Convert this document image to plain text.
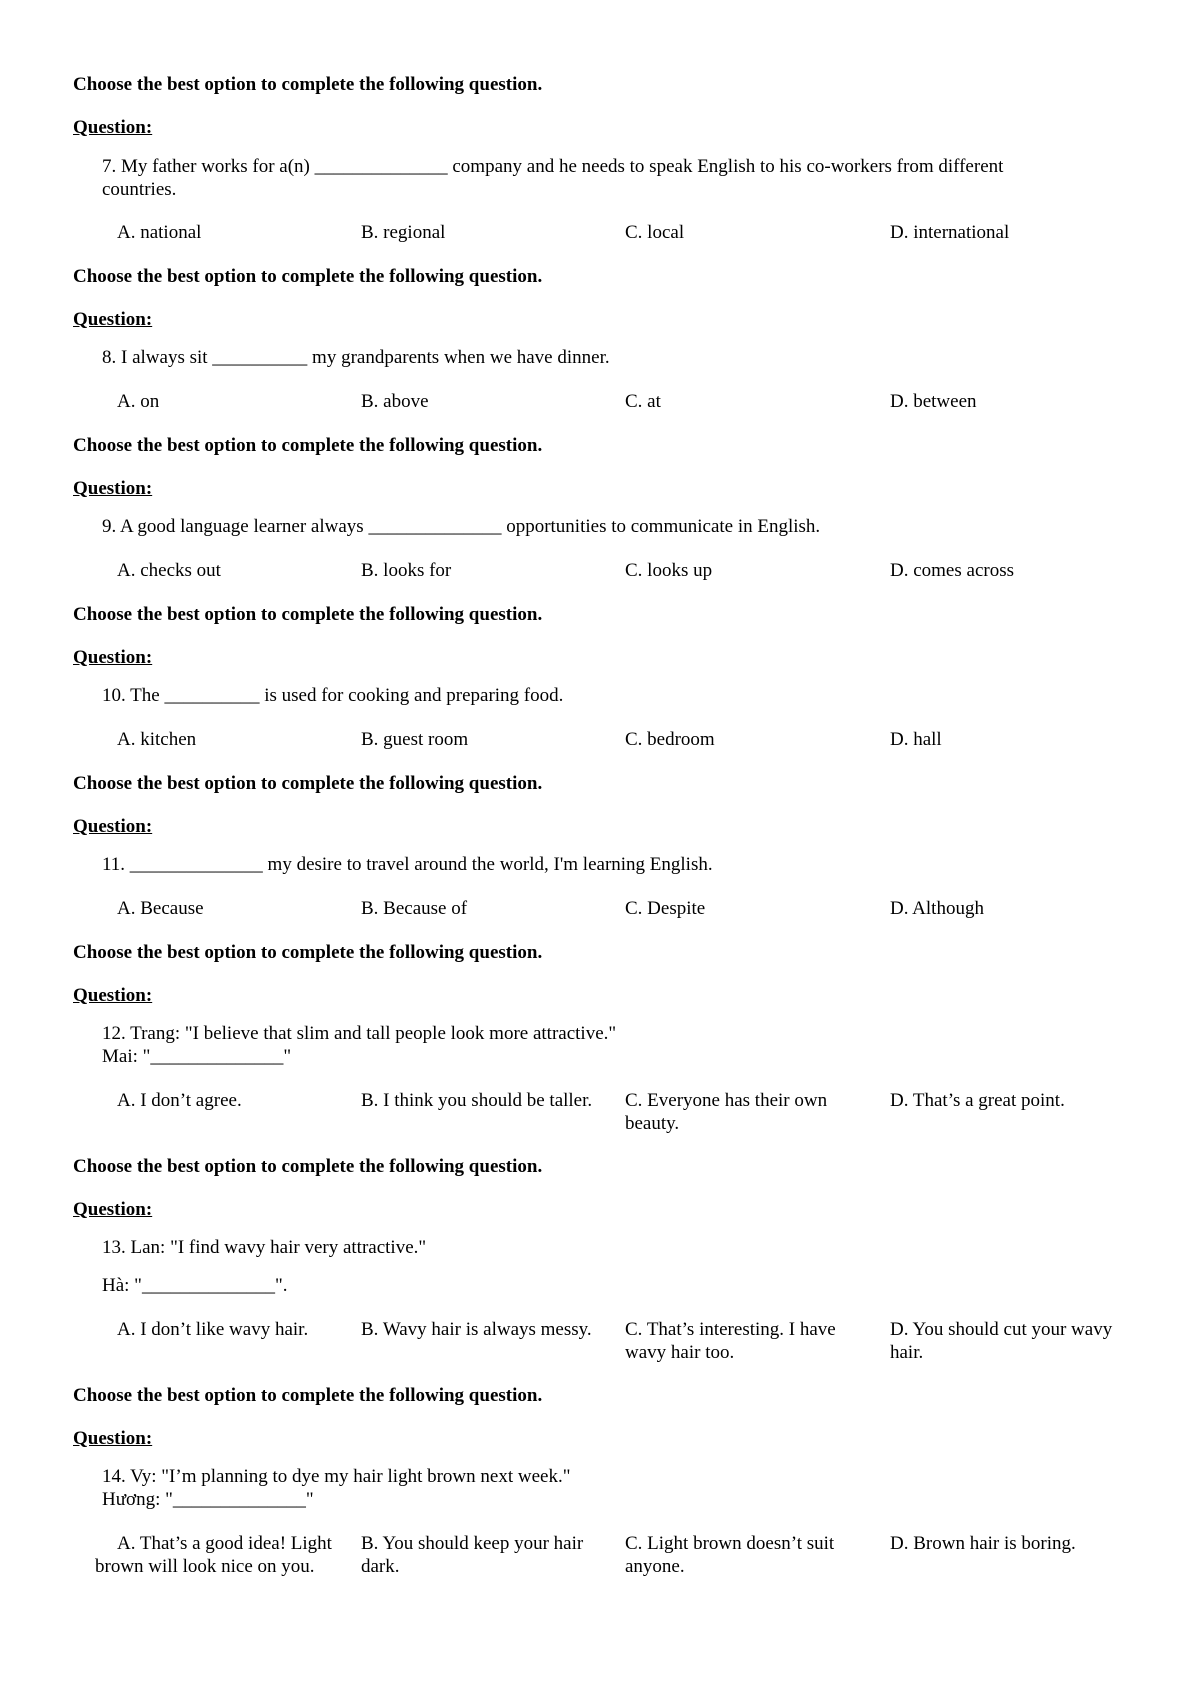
Choose the best option to complete the following question.
Question:
7. My father works for a(n) ______________ company and he needs to speak English to his co-workers from different
countries.
A. national	B. regional	C. local	D. international
Choose the best option to complete the following question.
Question:
8. I always sit __________ my grandparents when we have dinner.
A. on	B. above	C. at	D. between
Choose the best option to complete the following question.
Question:
9. A good language learner always ______________ opportunities to communicate in English.
A. checks out	B. looks for	C. looks up	D. comes across
Choose the best option to complete the following question.
Question:
10. The __________ is used for cooking and preparing food.
A. kitchen	B. guest room	C. bedroom	D. hall
Choose the best option to complete the following question.
Question:
11. ______________ my desire to travel around the world, I'm learning English.
A. Because	B. Because of	C. Despite	D. Although
Choose the best option to complete the following question.
Question:
12. Trang: "I believe that slim and tall people look more attractive."
Mai: "______________"
A. I don’t agree.	B. I think you should be taller.	C. Everyone has their own beauty.
D. That’s a great point.
Choose the best option to complete the following question.
Question:
13. Lan: "I find wavy hair very attractive."
Hà: "______________".
A. I don’t like wavy hair.	B. Wavy hair is always messy.	C. That’s interesting. I have wavy hair too.
D. You should cut your wavy hair.
Choose the best option to complete the following question.
Question:
14. Vy: "I’m planning to dye my hair light brown next week."
Hương: "______________"
A. That’s a good idea! Light brown will look nice on you.
B. You should keep your hair dark.
C. Light brown doesn’t suit anyone.
D. Brown hair is boring.
